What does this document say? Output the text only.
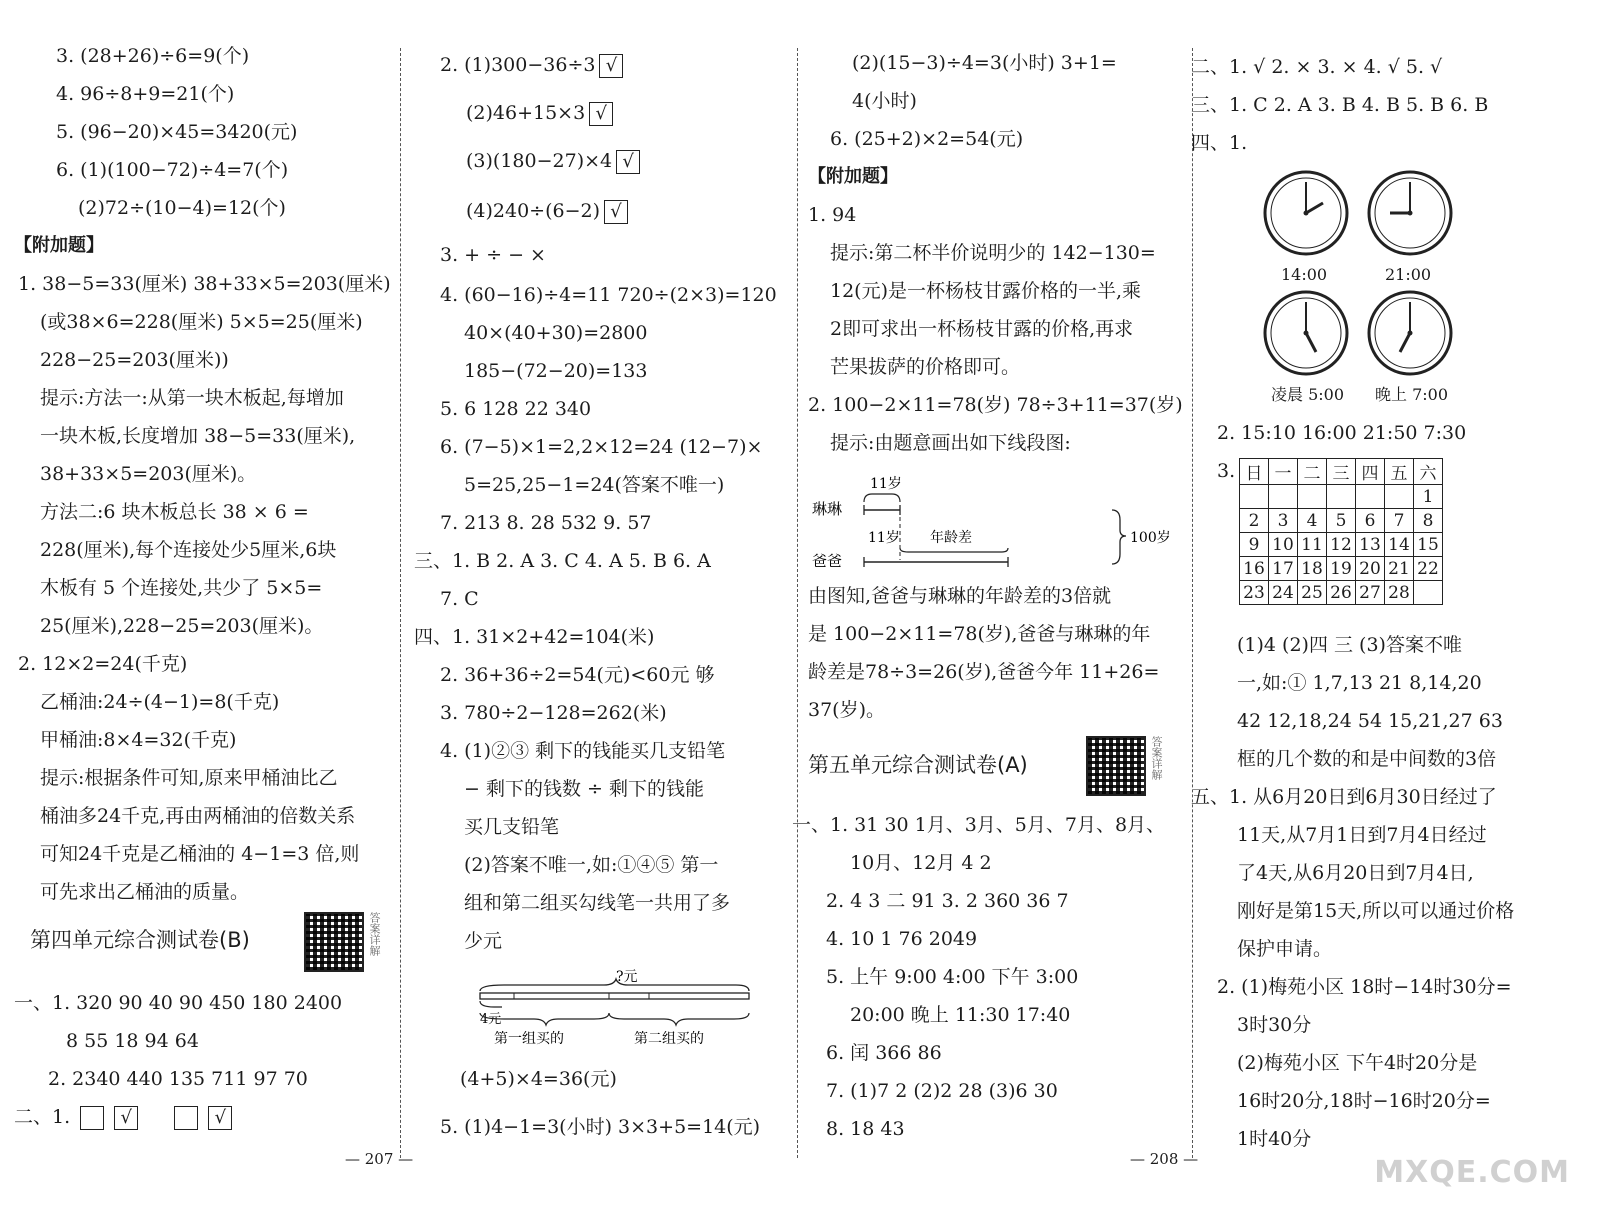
3. (28+26)÷6=9(个)
4. 96÷8+9=21(个)
5. (96−20)×45=3420(元)
6. (1)(100−72)÷4=7(个)
(2)72÷(10−4)=12(个)
【附加题】
1. 38−5=33(厘米) 38+33×5=203(厘米)
(或38×6=228(厘米) 5×5=25(厘米)
228−25=203(厘米))
提示:方法一:从第一块木板起,每增加
一块木板,长度增加 38−5=33(厘米),
38+33×5=203(厘米)。
方法二:6 块木板总长 38 × 6 =
228(厘米),每个连接处少5厘米,6块
木板有 5 个连接处,共少了 5×5=
25(厘米),228−25=203(厘米)。
2. 12×2=24(千克)
乙桶油:24÷(4−1)=8(千克)
甲桶油:8×4=32(千克)
提示:根据条件可知,原来甲桶油比乙
桶油多24千克,再由两桶油的倍数关系
可知24千克是乙桶油的 4−1=3 倍,则
可先求出乙桶油的质量。
第四单元综合测试卷(B)	答案详解
一、1. 320 90 40 90 450 180 2400
8 55 18 94 64
2. 2340 440 135 711 97 70
二、1.	√	√
2. (1)300−36÷3 √
(2)46+15×3 √
(3)(180−27)×4 √
(4)240÷(6−2) √
3. + ÷ − ×
4. (60−16)÷4=11 720÷(2×3)=120
40×(40+30)=2800
185−(72−20)=133
5. 6 128 22 340
6. (7−5)×1=2,2×12=24 (12−7)×
5=25,25−1=24(答案不唯一)
7. 213 8. 28 532 9. 57
三、1. B 2. A 3. C 4. A 5. B 6. A
7. C
四、1. 31×2+42=104(米)
2. 36+36÷2=54(元)<60元 够
3. 780÷2−128=262(米)
4. (1)②③ 剩下的钱能买几支铅笔
− 剩下的钱数 ÷ 剩下的钱能
买几支铅笔
(2)答案不唯一,如:①④⑤ 第一
组和第二组买勾线笔一共用了多
少元
?元
4元
第一组买的	第二组买的
(4+5)×4=36(元)
5. (1)4−1=3(小时) 3×3+5=14(元)
(2)(15−3)÷4=3(小时) 3+1=
4(小时)
6. (25+2)×2=54(元)
【附加题】
1. 94
提示:第二杯半价说明少的 142−130=
12(元)是一杯杨枝甘露价格的一半,乘
2即可求出一杯杨枝甘露的价格,再求
芒果拔萨的价格即可。
2. 100−2×11=78(岁) 78÷3+11=37(岁)
提示:由题意画出如下线段图:
11岁
琳琳
11岁 年龄差
爸爸
100岁
由图知,爸爸与琳琳的年龄差的3倍就
是 100−2×11=78(岁),爸爸与琳琳的年
龄差是78÷3=26(岁),爸爸今年 11+26=
37(岁)。
第五单元综合测试卷(A)	答案详解
一、1. 31 30 1月、3月、5月、7月、8月、
10月、12月 4 2
2. 4 3 二 91 3. 2 360 36 7
4. 10 1 76 2049
5. 上午 9:00 4:00 下午 3:00
20:00 晚上 11:30 17:40
6. 闰 366 86
7. (1)7 2 (2)2 28 (3)6 30
8. 18 43
二、1. √ 2. × 3. × 4. √ 5. √
三、1. C 2. A 3. B 4. B 5. B 6. B
四、1.
14:00	21:00
凌晨 5:00 晚上 7:00
2. 15:10 16:00 21:50 7:30
3. 日	一	二	三	四	五	六
						1
2	3	4	5	6	7	8
9	10	11	12	13	14	15
16	17	18	19	20	21	22
23	24	25	26	27	28	
(1)4 (2)四 三 (3)答案不唯
一,如:① 1,7,13 21 8,14,20
42 12,18,24 54 15,21,27 63
框的几个数的和是中间数的3倍
五、1. 从6月20日到6月30日经过了
11天,从7月1日到7月4日经过
了4天,从6月20日到7月4日,
刚好是第15天,所以可以通过价格
保护申请。
2. (1)梅苑小区 18时−14时30分=
3时30分
(2)梅苑小区 下午4时20分是
16时20分,18时−16时20分=
1时40分
— 207 —	— 208 —	MXQE.COM
